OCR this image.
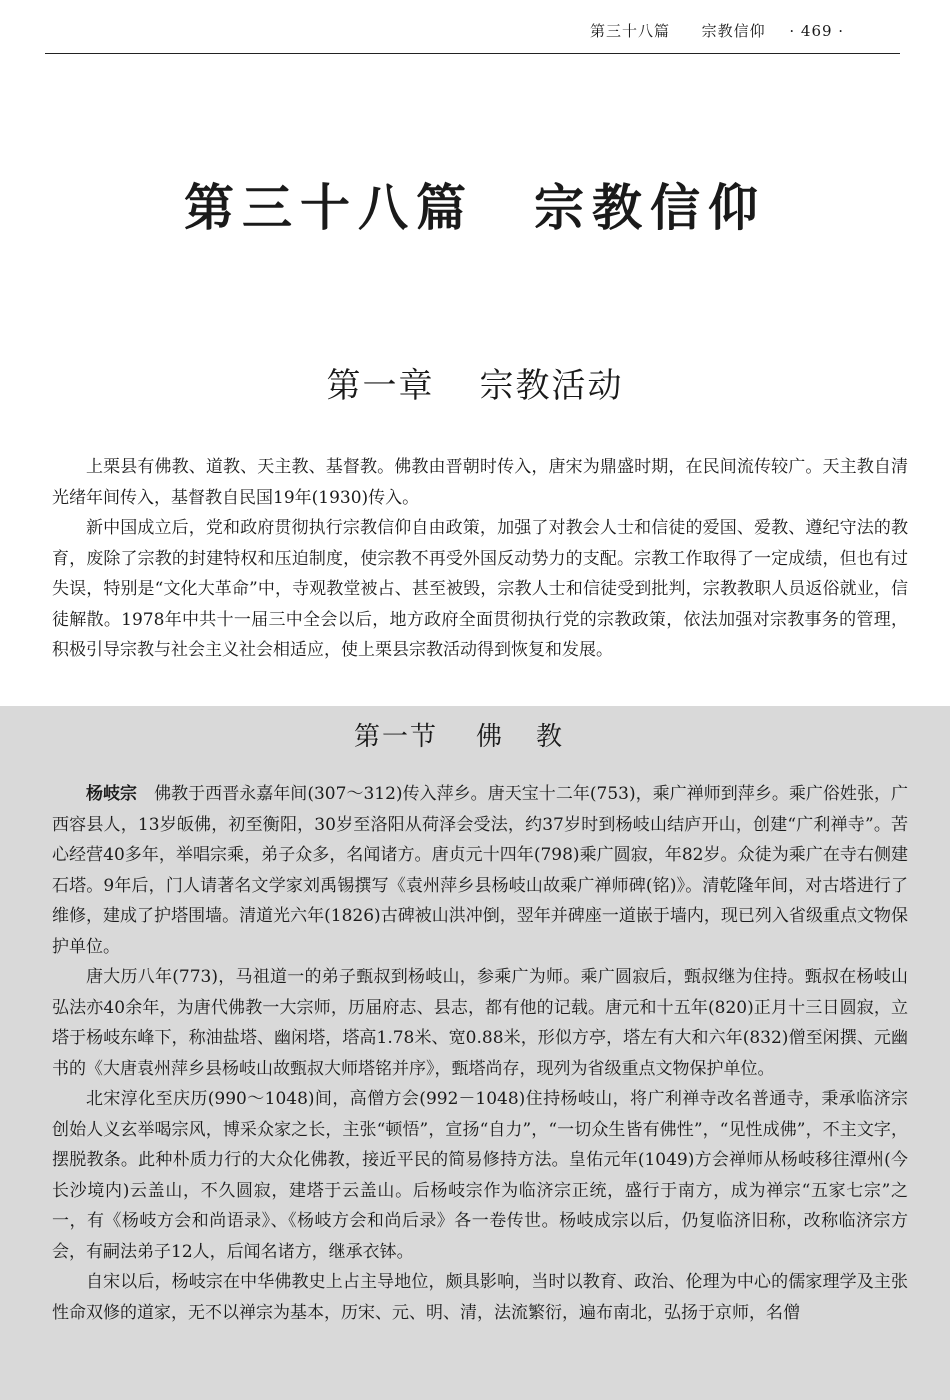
第三十八篇 宗教信仰 · 469 ·
第三十八篇 宗教信仰
第一章 宗教活动

上栗县有佛教、道教、天主教、基督教。佛教由晋朝时传入，唐宋为鼎盛时期，在民间流传较广。天主教自清光绪年间传入，基督教自民国19年(1930)传入。

新中国成立后，党和政府贯彻执行宗教信仰自由政策，加强了对教会人士和信徒的爱国、爱教、遵纪守法的教育，废除了宗教的封建特权和压迫制度，使宗教不再受外国反动势力的支配。宗教工作取得了一定成绩，但也有过失误，特别是“文化大革命”中，寺观教堂被占、甚至被毁，宗教人士和信徒受到批判，宗教教职人员返俗就业，信徒解散。1978年中共十一届三中全会以后，地方政府全面贯彻执行党的宗教政策，依法加强对宗教事务的管理，积极引导宗教与社会主义社会相适应，使上栗县宗教活动得到恢复和发展。

第一节 佛教

杨岐宗 佛教于西晋永嘉年间(307～312)传入萍乡。唐天宝十二年(753)，乘广禅师到萍乡。乘广俗姓张，广西容县人，13岁皈佛，初至衡阳，30岁至洛阳从荷泽会受法，约37岁时到杨岐山结庐开山，创建“广利禅寺”。苦心经营40多年，举唱宗乘，弟子众多，名闻诸方。唐贞元十四年(798)乘广圆寂，年82岁。众徒为乘广在寺右侧建石塔。9年后，门人请著名文学家刘禹锡撰写《袁州萍乡县杨岐山故乘广禅师碑(铭)》。清乾隆年间，对古塔进行了维修，建成了护塔围墙。清道光六年(1826)古碑被山洪冲倒，翌年并碑座一道嵌于墙内，现已列入省级重点文物保护单位。

唐大历八年(773)，马祖道一的弟子甄叔到杨岐山，参乘广为师。乘广圆寂后，甄叔继为住持。甄叔在杨岐山弘法亦40余年，为唐代佛教一大宗师，历届府志、县志，都有他的记载。唐元和十五年(820)正月十三日圆寂，立塔于杨岐东峰下，称油盐塔、幽闲塔，塔高1.78米、宽0.88米，形似方亭，塔左有大和六年(832)僧至闲撰、元幽书的《大唐袁州萍乡县杨岐山故甄叔大师塔铭并序》，甄塔尚存，现列为省级重点文物保护单位。

北宋淳化至庆历(990～1048)间，高僧方会(992－1048)住持杨岐山，将广利禅寺改名普通寺，秉承临济宗创始人义玄举喝宗风，博采众家之长，主张“顿悟”，宣扬“自力”，“一切众生皆有佛性”，“见性成佛”，不主文字，摆脱教条。此种朴质力行的大众化佛教，接近平民的简易修持方法。皇佑元年(1049)方会禅师从杨岐移往潭州(今长沙境内)云盖山，不久圆寂，建塔于云盖山。后杨岐宗作为临济宗正统，盛行于南方，成为禅宗“五家七宗”之一，有《杨岐方会和尚语录》、《杨岐方会和尚后录》各一卷传世。杨岐成宗以后，仍复临济旧称，改称临济宗方会，有嗣法弟子12人，后闻名诸方，继承衣钵。

自宋以后，杨岐宗在中华佛教史上占主导地位，颇具影响，当时以教育、政治、伦理为中心的儒家理学及主张性命双修的道家，无不以禅宗为基本，历宋、元、明、清，法流繁衍，遍布南北，弘扬于京师，名僧
